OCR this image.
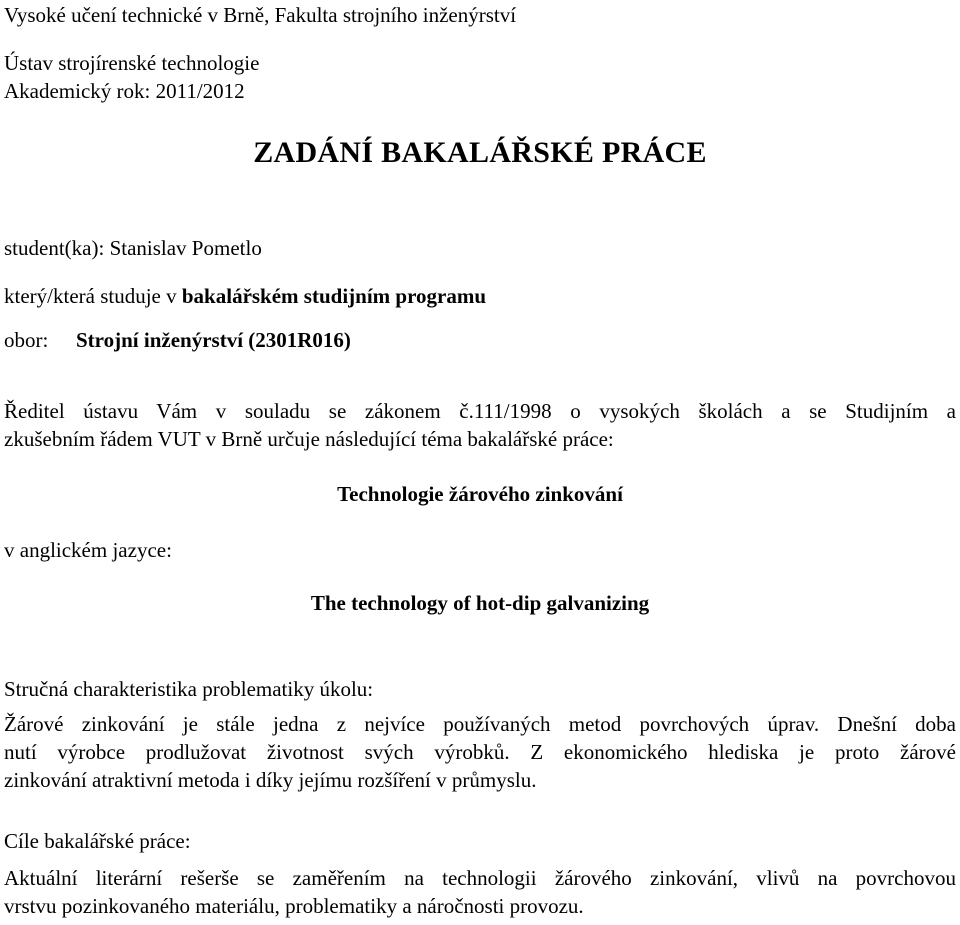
Vysoké učení technické v Brně, Fakulta strojního inženýrství
Ústav strojírenské technologie
Akademický rok: 2011/2012
ZADÁNÍ BAKALÁŘSKÉ PRÁCE
student(ka): Stanislav Pometlo
který/která studuje v bakalářském studijním programu
obor: Strojní inženýrství (2301R016)
Ředitel ústavu Vám v souladu se zákonem č.111/1998 o vysokých školách a se Studijním a
zkušebním řádem VUT v Brně určuje následující téma bakalářské práce:
Technologie žárového zinkování
v anglickém jazyce:
The technology of hot-dip galvanizing
Stručná charakteristika problematiky úkolu:
Žárové zinkování je stále jedna z nejvíce používaných metod povrchových úprav. Dnešní doba
nutí výrobce prodlužovat životnost svých výrobků. Z ekonomického hlediska je proto žárové
zinkování atraktivní metoda i díky jejímu rozšíření v průmyslu.
Cíle bakalářské práce:
Aktuální literární rešerše se zaměřením na technologii žárového zinkování, vlivů na povrchovou
vrstvu pozinkovaného materiálu, problematiky a náročnosti provozu.
